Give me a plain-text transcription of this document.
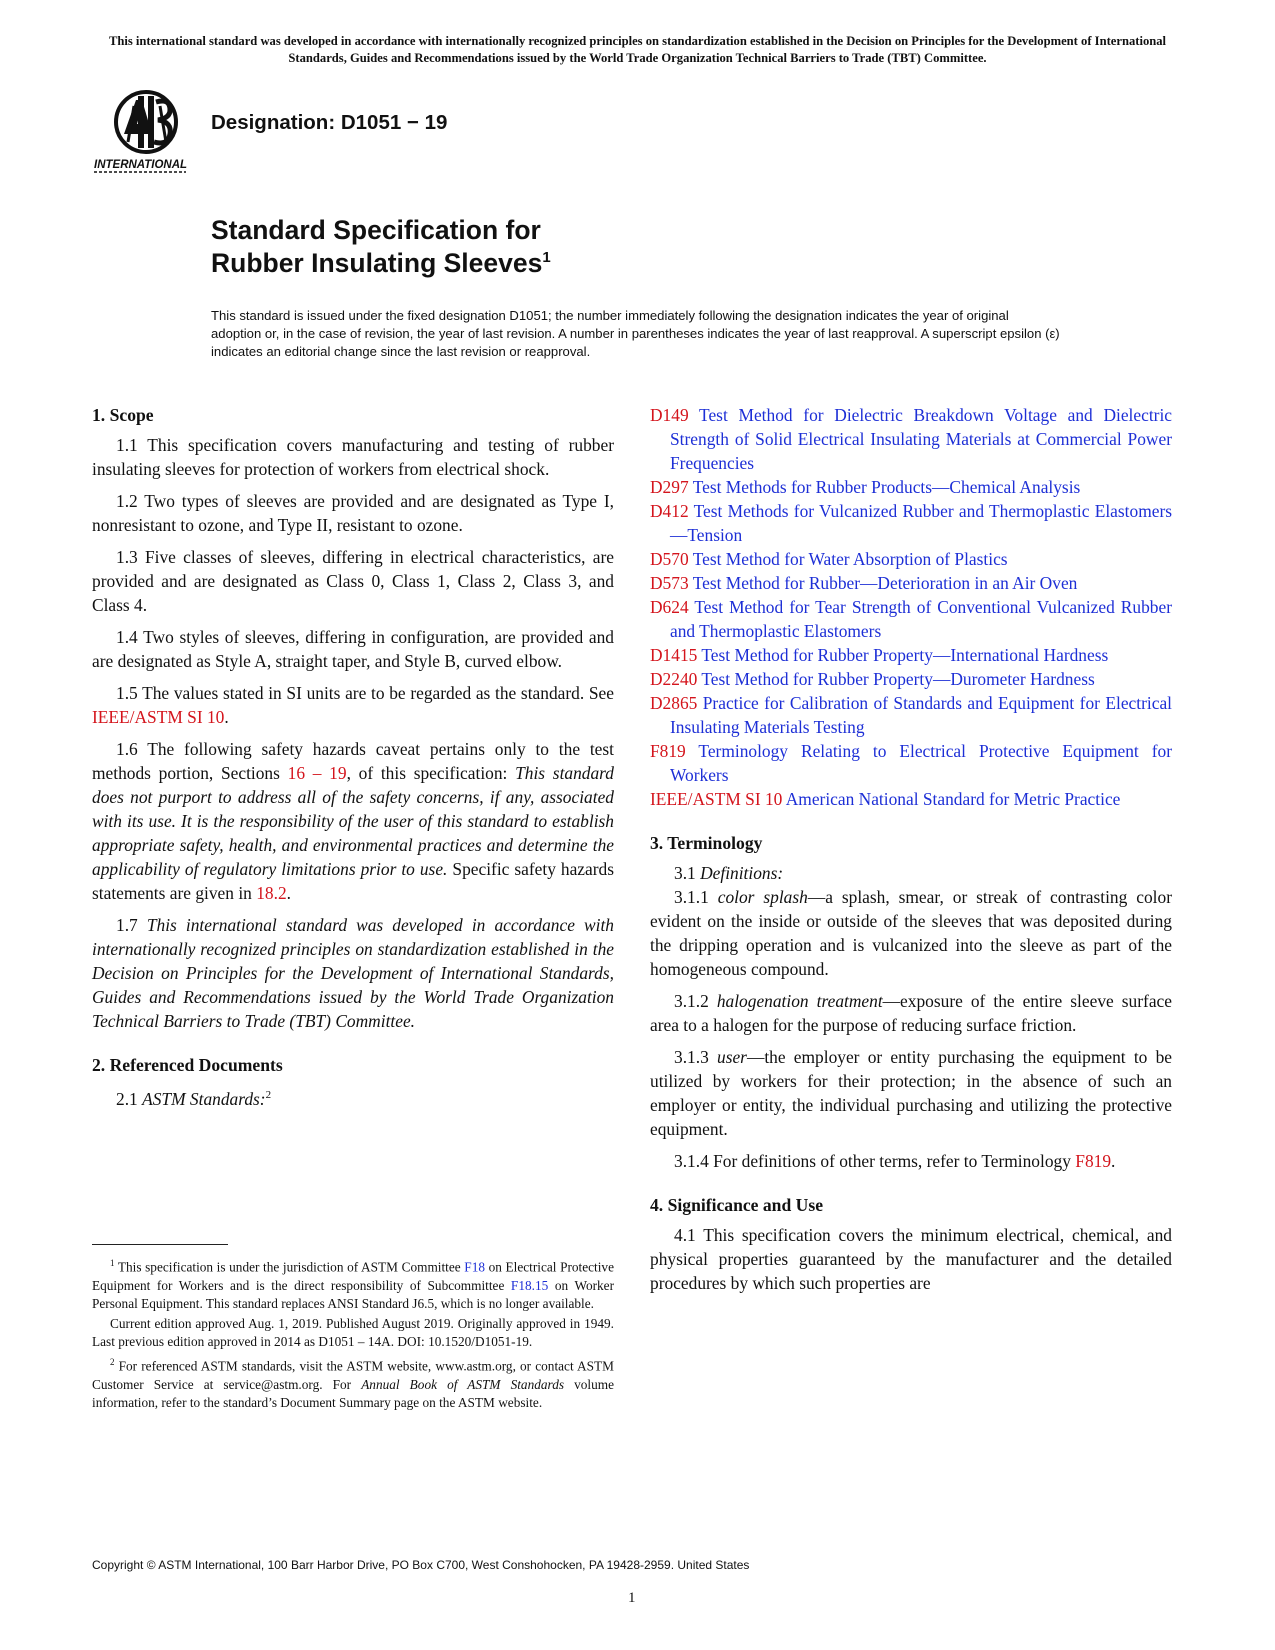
This international standard was developed in accordance with internationally recognized principles on standardization established in the Decision on Principles for the Development of International Standards, Guides and Recommendations issued by the World Trade Organization Technical Barriers to Trade (TBT) Committee.
INTERNATIONAL
Designation: D1051 − 19
Standard Specification for
Rubber Insulating Sleeves$^1$
This standard is issued under the fixed designation D1051; the number immediately following the designation indicates the year of original adoption or, in the case of revision, the year of last revision. A number in parentheses indicates the year of last reapproval. A superscript epsilon (ε) indicates an editorial change since the last revision or reapproval.
1. Scope
1.1 This specification covers manufacturing and testing of rubber insulating sleeves for protection of workers from electrical shock.
1.2 Two types of sleeves are provided and are designated as Type I, nonresistant to ozone, and Type II, resistant to ozone.
1.3 Five classes of sleeves, differing in electrical characteristics, are provided and are designated as Class 0, Class 1, Class 2, Class 3, and Class 4.
1.4 Two styles of sleeves, differing in configuration, are provided and are designated as Style A, straight taper, and Style B, curved elbow.
1.5 The values stated in SI units are to be regarded as the standard. See IEEE/ASTM SI 10.
1.6 The following safety hazards caveat pertains only to the test methods portion, Sections 16 – 19, of this specification: This standard does not purport to address all of the safety concerns, if any, associated with its use. It is the responsibility of the user of this standard to establish appropriate safety, health, and environmental practices and determine the applicability of regulatory limitations prior to use. Specific safety hazards statements are given in 18.2.
1.7 This international standard was developed in accordance with internationally recognized principles on standardization established in the Decision on Principles for the Development of International Standards, Guides and Recommendations issued by the World Trade Organization Technical Barriers to Trade (TBT) Committee.
2. Referenced Documents
2.1 ASTM Standards:$^2$
$^1$ This specification is under the jurisdiction of ASTM Committee F18 on Electrical Protective Equipment for Workers and is the direct responsibility of Subcommittee F18.15 on Worker Personal Equipment. This standard replaces ANSI Standard J6.5, which is no longer available.
Current edition approved Aug. 1, 2019. Published August 2019. Originally approved in 1949. Last previous edition approved in 2014 as D1051 – 14A. DOI: 10.1520/D1051-19.
$^2$ For referenced ASTM standards, visit the ASTM website, www.astm.org, or contact ASTM Customer Service at service@astm.org. For Annual Book of ASTM Standards volume information, refer to the standard’s Document Summary page on the ASTM website.
D149 Test Method for Dielectric Breakdown Voltage and Dielectric Strength of Solid Electrical Insulating Materials at Commercial Power Frequencies
D297 Test Methods for Rubber Products—Chemical Analysis
D412 Test Methods for Vulcanized Rubber and Thermoplastic Elastomers—Tension
D570 Test Method for Water Absorption of Plastics
D573 Test Method for Rubber—Deterioration in an Air Oven
D624 Test Method for Tear Strength of Conventional Vulcanized Rubber and Thermoplastic Elastomers
D1415 Test Method for Rubber Property—International Hardness
D2240 Test Method for Rubber Property—Durometer Hardness
D2865 Practice for Calibration of Standards and Equipment for Electrical Insulating Materials Testing
F819 Terminology Relating to Electrical Protective Equipment for Workers
IEEE/ASTM SI 10 American National Standard for Metric Practice
3. Terminology
3.1 Definitions:
3.1.1 color splash—a splash, smear, or streak of contrasting color evident on the inside or outside of the sleeves that was deposited during the dripping operation and is vulcanized into the sleeve as part of the homogeneous compound.
3.1.2 halogenation treatment—exposure of the entire sleeve surface area to a halogen for the purpose of reducing surface friction.
3.1.3 user—the employer or entity purchasing the equipment to be utilized by workers for their protection; in the absence of such an employer or entity, the individual purchasing and utilizing the protective equipment.
3.1.4 For definitions of other terms, refer to Terminology F819.
4. Significance and Use
4.1 This specification covers the minimum electrical, chemical, and physical properties guaranteed by the manufacturer and the detailed procedures by which such properties are
Copyright © ASTM International, 100 Barr Harbor Drive, PO Box C700, West Conshohocken, PA 19428-2959. United States
1
